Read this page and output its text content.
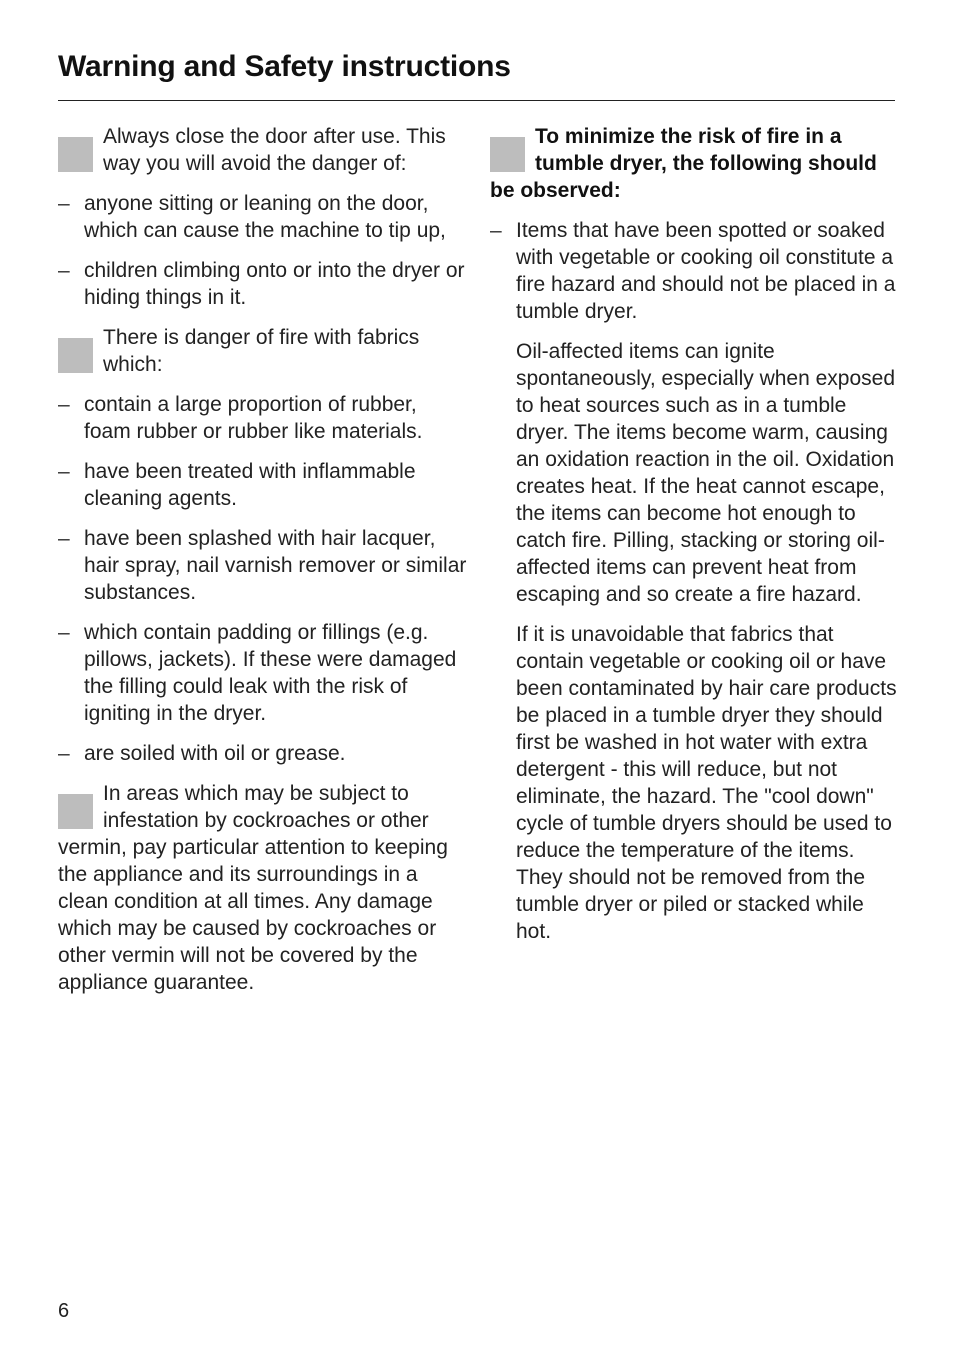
Warning and Safety instructions

Always close the door after use. This way you will avoid the danger of:

– anyone sitting or leaning on the door, which can cause the machine to tip up,
– children climbing onto or into the dryer or hiding things in it.

There is danger of fire with fabrics which:

– contain a large proportion of rubber, foam rubber or rubber like materials.
– have been treated with inflammable cleaning agents.
– have been splashed with hair lacquer, hair spray, nail varnish remover or similar substances.
– which contain padding or fillings (e.g. pillows, jackets). If these were damaged the filling could leak with the risk of igniting in the dryer.
– are soiled with oil or grease.

In areas which may be subject to infestation by cockroaches or other vermin, pay particular attention to keeping the appliance and its surroundings in a clean condition at all times. Any damage which may be caused by cockroaches or other vermin will not be covered by the appliance guarantee.

To minimize the risk of fire in a tumble dryer, the following should be observed:

– Items that have been spotted or soaked with vegetable or cooking oil constitute a fire hazard and should not be placed in a tumble dryer.

Oil-affected items can ignite spontaneously, especially when exposed to heat sources such as in a tumble dryer. The items become warm, causing an oxidation reaction in the oil. Oxidation creates heat. If the heat cannot escape, the items can become hot enough to catch fire. Pilling, stacking or storing oil-affected items can prevent heat from escaping and so create a fire hazard.

If it is unavoidable that fabrics that contain vegetable or cooking oil or have been contaminated by hair care products be placed in a tumble dryer they should first be washed in hot water with extra detergent - this will reduce, but not eliminate, the hazard. The "cool down" cycle of tumble dryers should be used to reduce the temperature of the items. They should not be removed from the tumble dryer or piled or stacked while hot.

6
